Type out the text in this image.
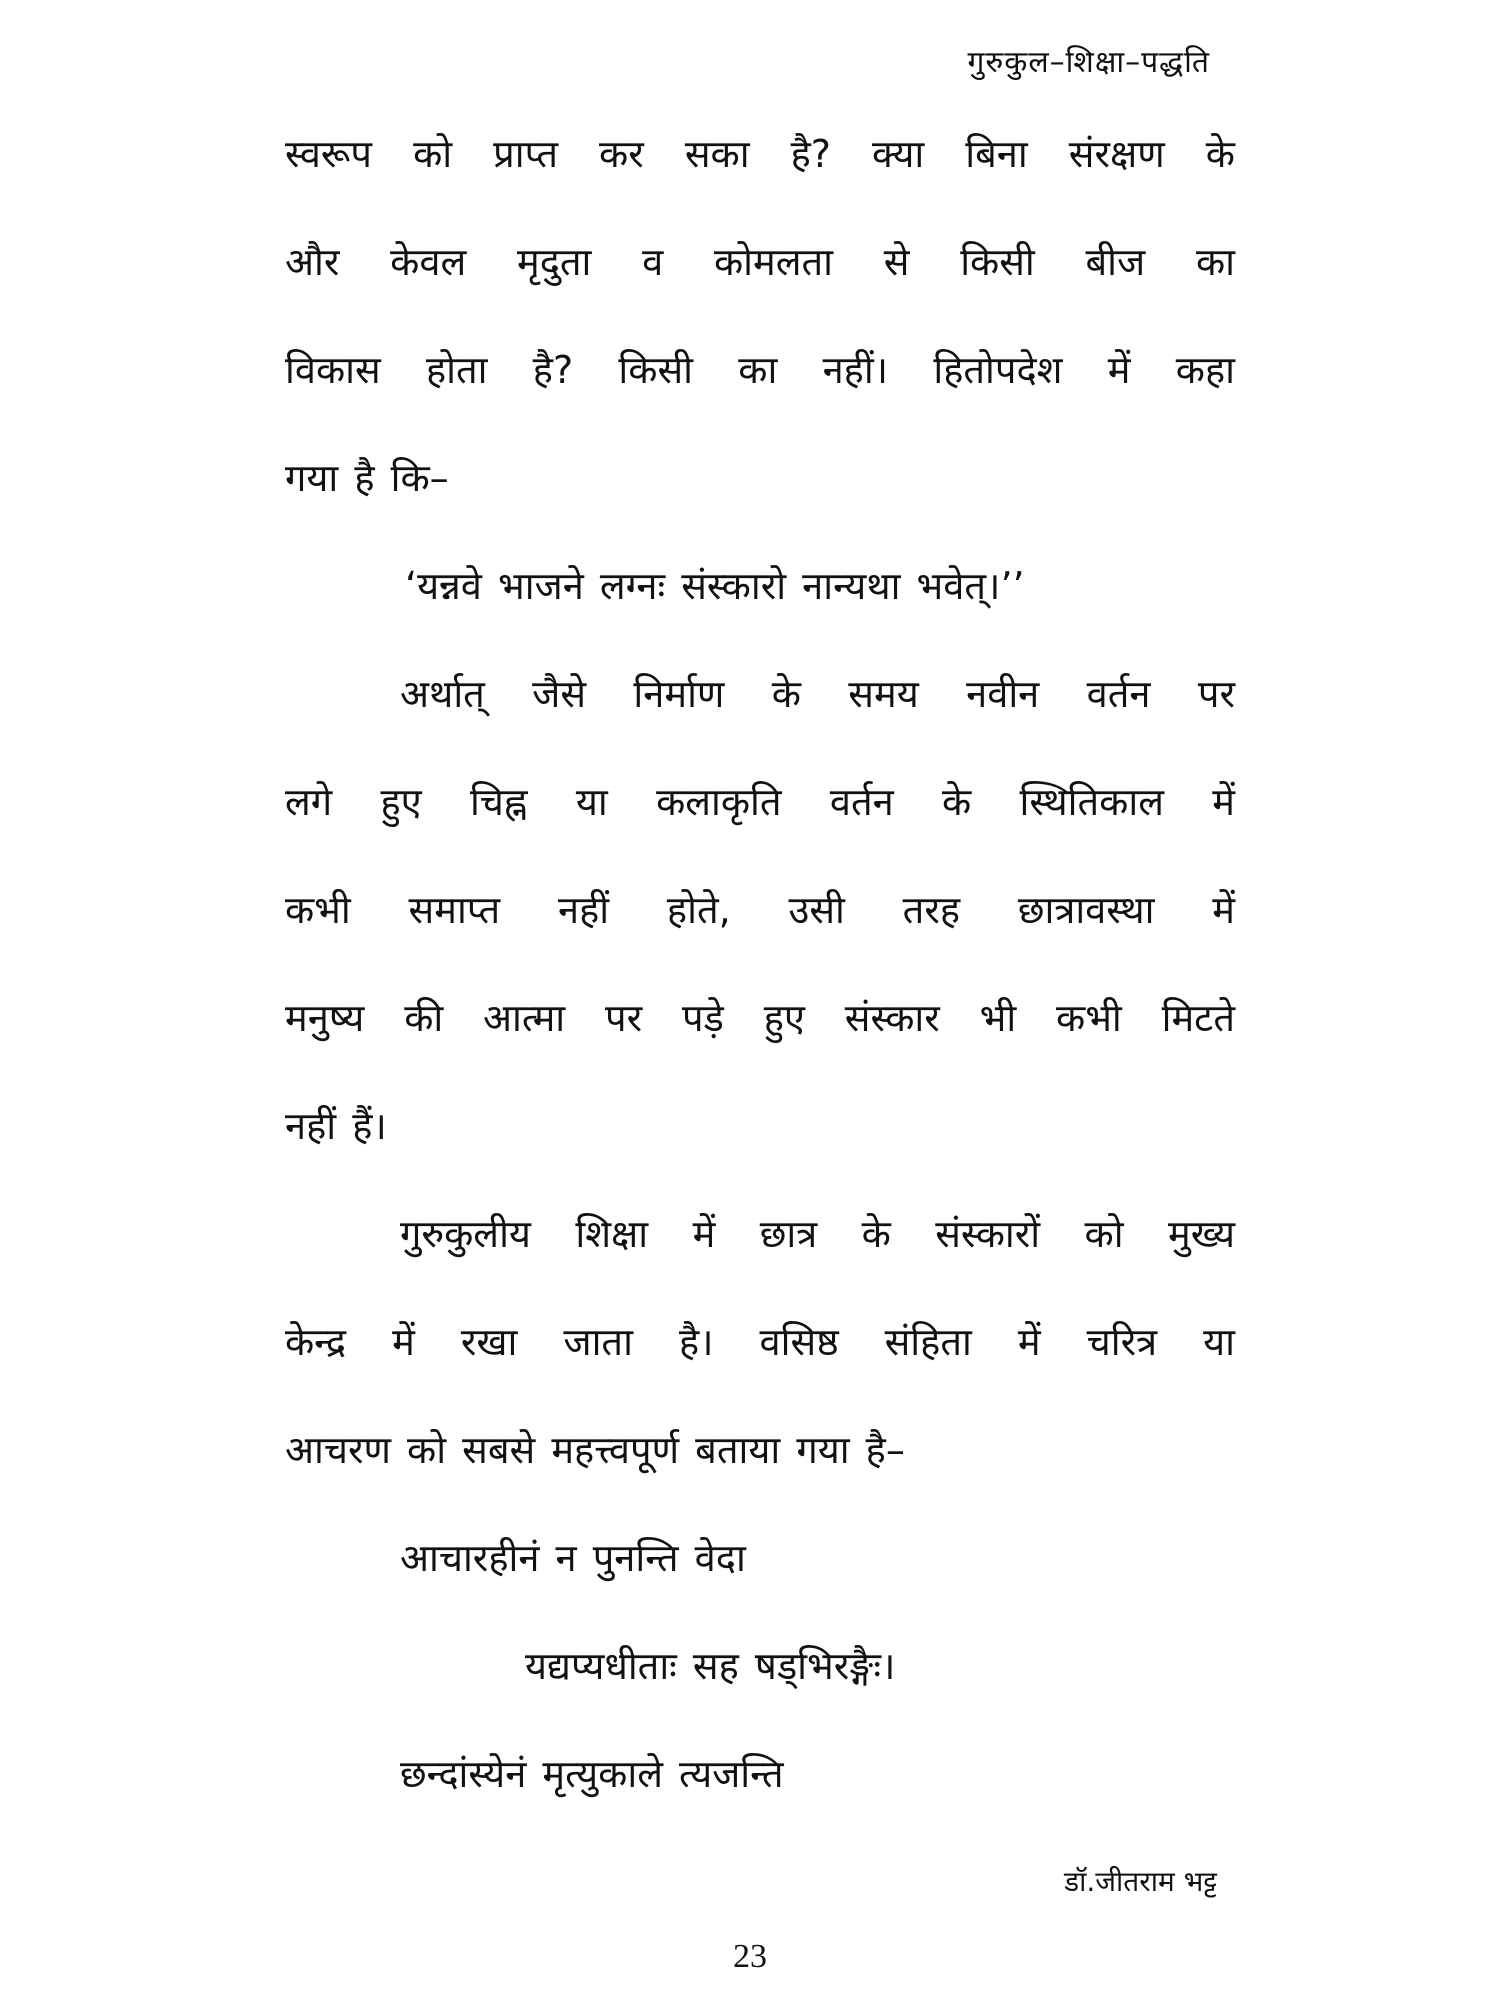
गुरुकुल–शिक्षा–पद्धति
स्वरूप को प्राप्त कर सका है? क्या बिना संरक्षण के
और केवल मृदुता व कोमलता से किसी बीज का
विकास होता है? किसी का नहीं। हितोपदेश में कहा
गया है कि–
‘यन्नवे भाजने लग्नः संस्कारो नान्यथा भवेत्।’’
अर्थात् जैसे निर्माण के समय नवीन वर्तन पर
लगे हुए चिह्न या कलाकृति वर्तन के स्थितिकाल में
कभी समाप्त नहीं होते, उसी तरह छात्रावस्था में
मनुष्य की आत्मा पर पड़े हुए संस्कार भी कभी मिटते
नहीं हैं।
गुरुकुलीय शिक्षा में छात्र के संस्कारों को मुख्य
केन्द्र में रखा जाता है। वसिष्ठ संहिता में चरित्र या
आचरण को सबसे महत्त्वपूर्ण बताया गया है–
आचारहीनं न पुनन्ति वेदा
यद्यप्यधीताः सह षड्भिरङ्गैः।
छन्दांस्येनं मृत्युकाले त्यजन्ति
डॉ.जीतराम भट्ट
23
